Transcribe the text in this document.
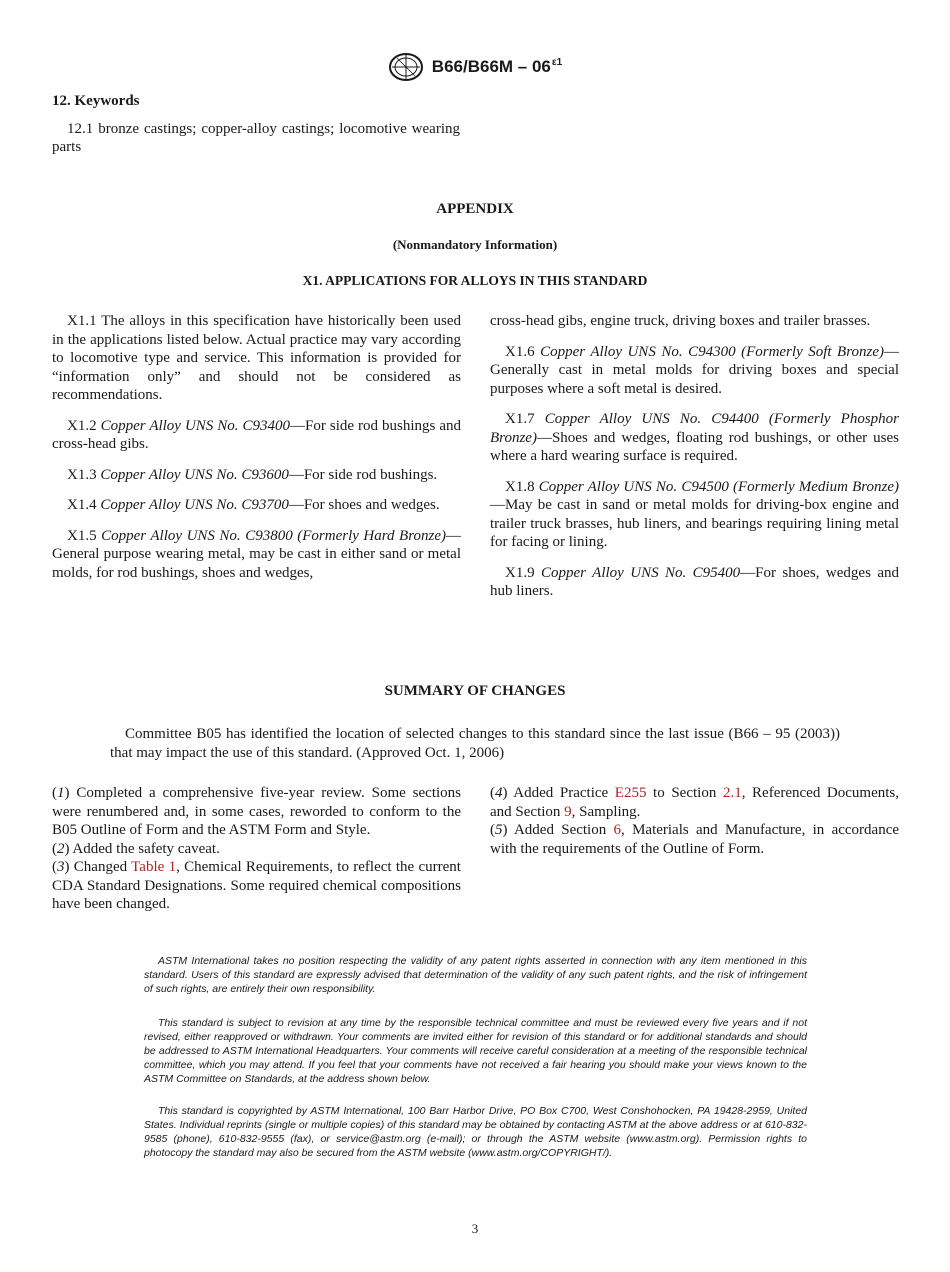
$B66/B66M - 06^{\varepsilon 1}$
12. Keywords
12.1 bronze castings; copper-alloy castings; locomotive wearing parts
APPENDIX
(Nonmandatory Information)
X1. APPLICATIONS FOR ALLOYS IN THIS STANDARD

X1.1 The alloys in this specification have historically been used in the applications listed below. Actual practice may vary according to locomotive type and service. This information is provided for “information only” and should not be considered as recommendations.

X1.2 Copper Alloy UNS No. C93400—For side rod bushings and cross-head gibs.

X1.3 Copper Alloy UNS No. C93600—For side rod bushings.

X1.4 Copper Alloy UNS No. C93700—For shoes and wedges.

X1.5 Copper Alloy UNS No. C93800 (Formerly Hard Bronze)—General purpose wearing metal, may be cast in either sand or metal molds, for rod bushings, shoes and wedges,

cross-head gibs, engine truck, driving boxes and trailer brasses.

X1.6 Copper Alloy UNS No. C94300 (Formerly Soft Bronze)—Generally cast in metal molds for driving boxes and special purposes where a soft metal is desired.

X1.7 Copper Alloy UNS No. C94400 (Formerly Phosphor Bronze)—Shoes and wedges, floating rod bushings, or other uses where a hard wearing surface is required.

X1.8 Copper Alloy UNS No. C94500 (Formerly Medium Bronze)—May be cast in sand or metal molds for driving-box engine and trailer truck brasses, hub liners, and bearings requiring lining metal for facing or lining.

X1.9 Copper Alloy UNS No. C95400—For shoes, wedges and hub liners.

SUMMARY OF CHANGES
Committee B05 has identified the location of selected changes to this standard since the last issue (B66 – 95 (2003)) that may impact the use of this standard. (Approved Oct. 1, 2006)

(1) Completed a comprehensive five-year review. Some sections were renumbered and, in some cases, reworded to conform to the B05 Outline of Form and the ASTM Form and Style.

(2) Added the safety caveat.

(3) Changed Table 1, Chemical Requirements, to reflect the current CDA Standard Designations. Some required chemical compositions have been changed.

(4) Added Practice E255 to Section 2.1, Referenced Documents, and Section 9, Sampling.

(5) Added Section 6, Materials and Manufacture, in accordance with the requirements of the Outline of Form.

ASTM International takes no position respecting the validity of any patent rights asserted in connection with any item mentioned in this standard. Users of this standard are expressly advised that determination of the validity of any such patent rights, and the risk of infringement of such rights, are entirely their own responsibility.
This standard is subject to revision at any time by the responsible technical committee and must be reviewed every five years and if not revised, either reapproved or withdrawn. Your comments are invited either for revision of this standard or for additional standards and should be addressed to ASTM International Headquarters. Your comments will receive careful consideration at a meeting of the responsible technical committee, which you may attend. If you feel that your comments have not received a fair hearing you should make your views known to the ASTM Committee on Standards, at the address shown below.
This standard is copyrighted by ASTM International, 100 Barr Harbor Drive, PO Box C700, West Conshohocken, PA 19428-2959, United States. Individual reprints (single or multiple copies) of this standard may be obtained by contacting ASTM at the above address or at 610-832-9585 (phone), 610-832-9555 (fax), or service@astm.org (e-mail); or through the ASTM website (www.astm.org). Permission rights to photocopy the standard may also be secured from the ASTM website (www.astm.org/COPYRIGHT/).
3
